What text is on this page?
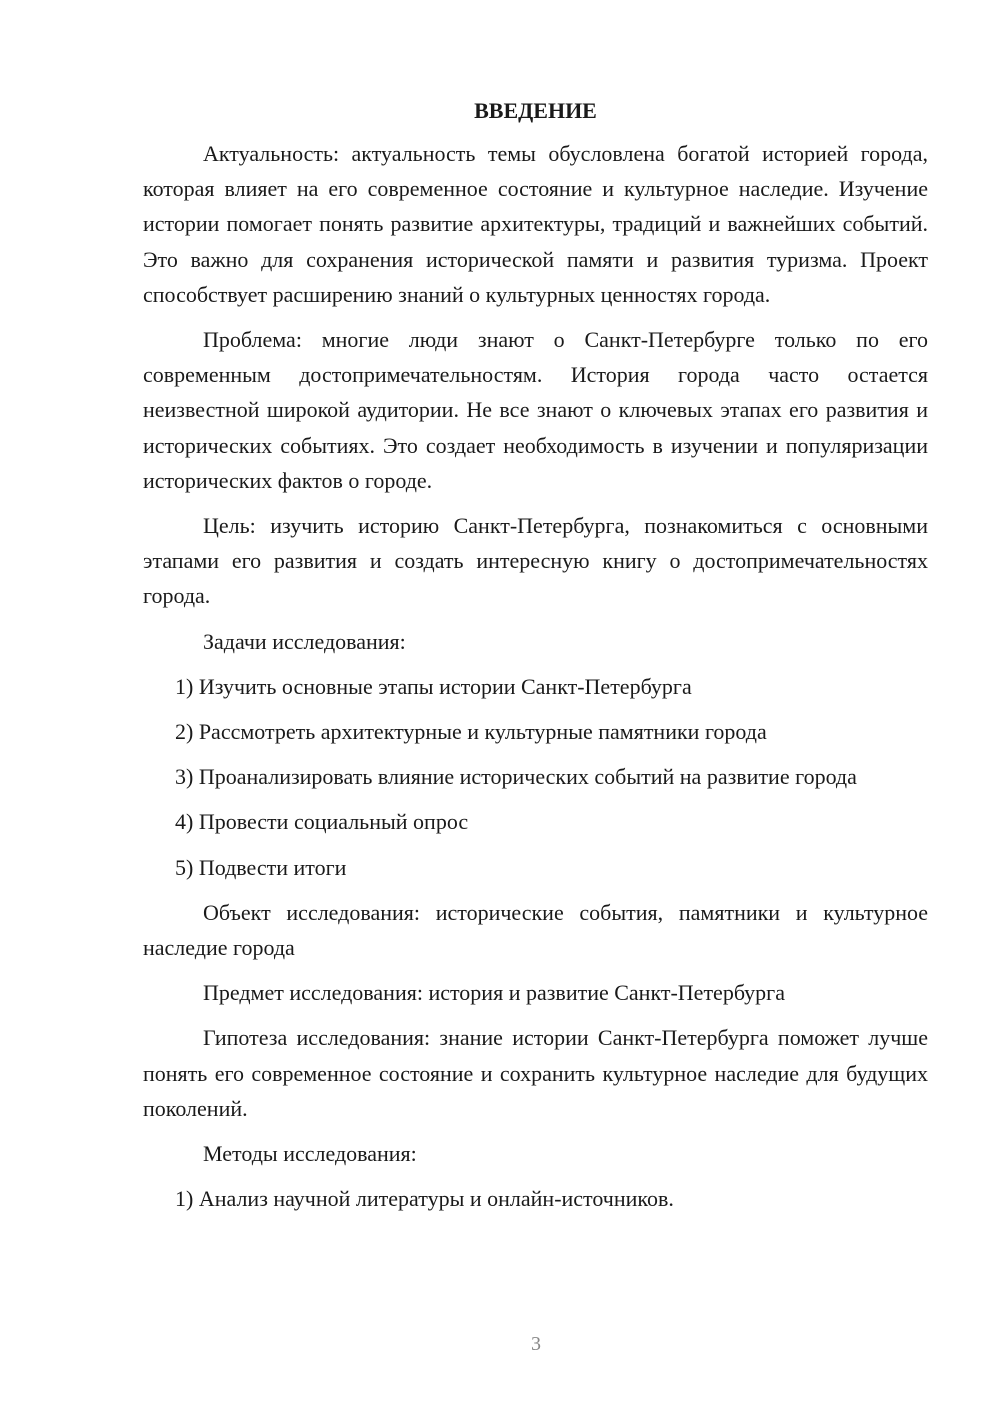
ВВЕДЕНИЕ

Актуальность: актуальность темы обусловлена богатой историей города, которая влияет на его современное состояние и культурное наследие. Изучение истории помогает понять развитие архитектуры, традиций и важнейших событий. Это важно для сохранения исторической памяти и развития туризма. Проект способствует расширению знаний о культурных ценностях города.

Проблема: многие люди знают о Санкт-Петербурге только по его современным достопримечательностям. История города часто остается неизвестной широкой аудитории. Не все знают о ключевых этапах его развития и исторических событиях. Это создает необходимость в изучении и популяризации исторических фактов о городе.

Цель: изучить историю Санкт-Петербурга, познакомиться с основными этапами его развития и создать интересную книгу о достопримечательностях города.

Задачи исследования:

1) Изучить основные этапы истории Санкт-Петербурга

2) Рассмотреть архитектурные и культурные памятники города

3) Проанализировать влияние исторических событий на развитие города

4) Провести социальный опрос

5) Подвести итоги

Объект исследования: исторические события, памятники и культурное наследие города

Предмет исследования: история и развитие Санкт-Петербурга

Гипотеза исследования: знание истории Санкт-Петербурга поможет лучше понять его современное состояние и сохранить культурное наследие для будущих поколений.

Методы исследования:

1) Анализ научной литературы и онлайн-источников.

3
